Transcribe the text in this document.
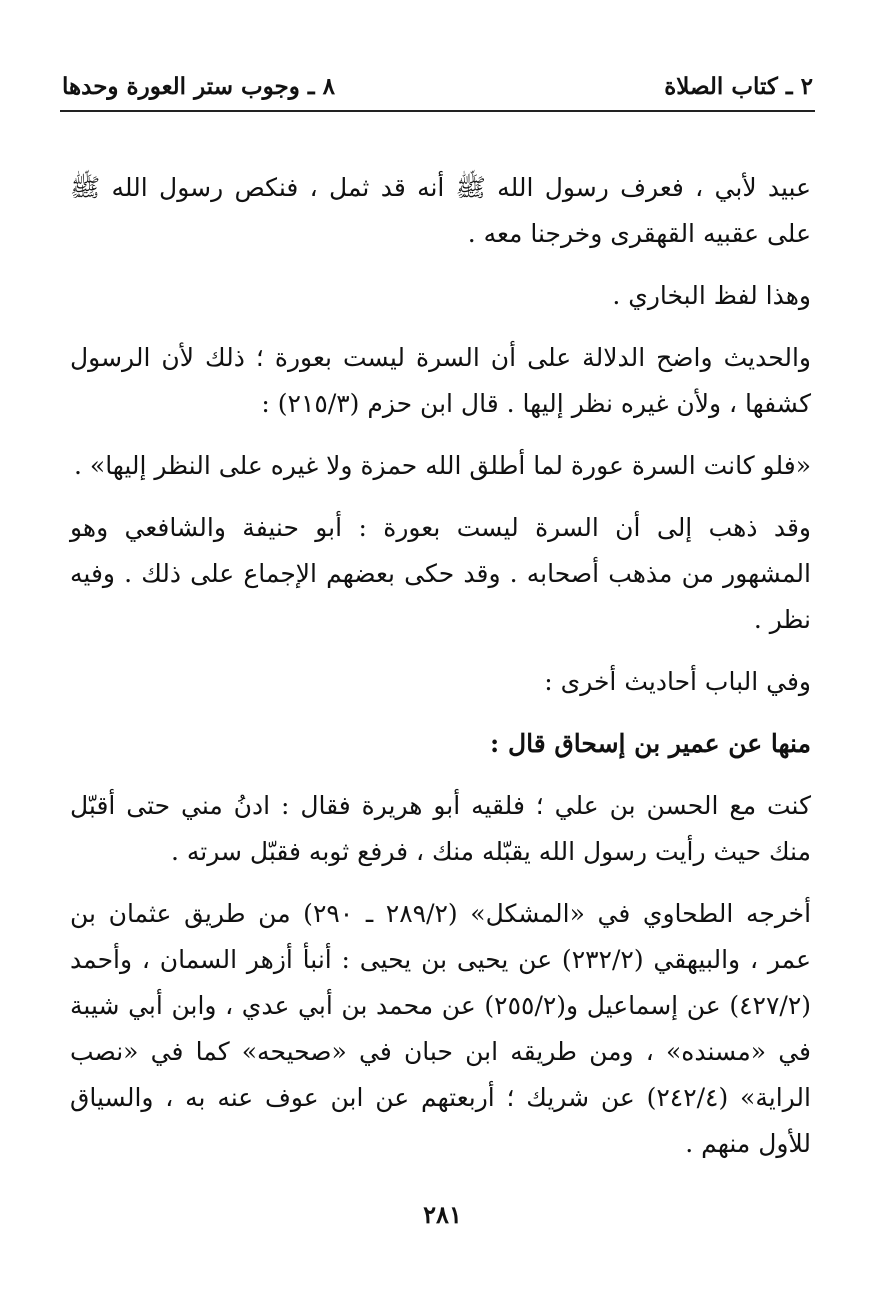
٢ ـ كتاب الصلاة
٨ ـ وجوب ستر العورة وحدها

عبيد لأبي ، فعرف رسول الله ﷺ أنه قد ثمل ، فنكص رسول الله ﷺ على عقبيه القهقرى وخرجنا معه .

وهذا لفظ البخاري .

والحديث واضح الدلالة على أن السرة ليست بعورة ؛ ذلك لأن الرسول كشفها ، ولأن غيره نظر إليها . قال ابن حزم (٢١٥/٣) :

«فلو كانت السرة عورة لما أطلق الله حمزة ولا غيره على النظر إليها» .

وقد ذهب إلى أن السرة ليست بعورة : أبو حنيفة والشافعي وهو المشهور من مذهب أصحابه . وقد حكى بعضهم الإجماع على ذلك . وفيه نظر .

وفي الباب أحاديث أخرى :

منها عن عمير بن إسحاق قال :

كنت مع الحسن بن علي ؛ فلقيه أبو هريرة فقال : ادنُ مني حتى أقبّل منك حيث رأيت رسول الله يقبّله منك ، فرفع ثوبه فقبّل سرته .

أخرجه الطحاوي في «المشكل» (٢٨٩/٢ ـ ٢٩٠) من طريق عثمان بن عمر ، والبيهقي (٢٣٢/٢) عن يحيى بن يحيى : أنبأ أزهر السمان ، وأحمد (٤٢٧/٢) عن إسماعيل و(٢٥٥/٢) عن محمد بن أبي عدي ، وابن أبي شيبة في «مسنده» ، ومن طريقه ابن حبان في «صحيحه» كما في «نصب الراية» (٢٤٢/٤) عن شريك ؛ أربعتهم عن ابن عوف عنه به ، والسياق للأول منهم .

٢٨١
